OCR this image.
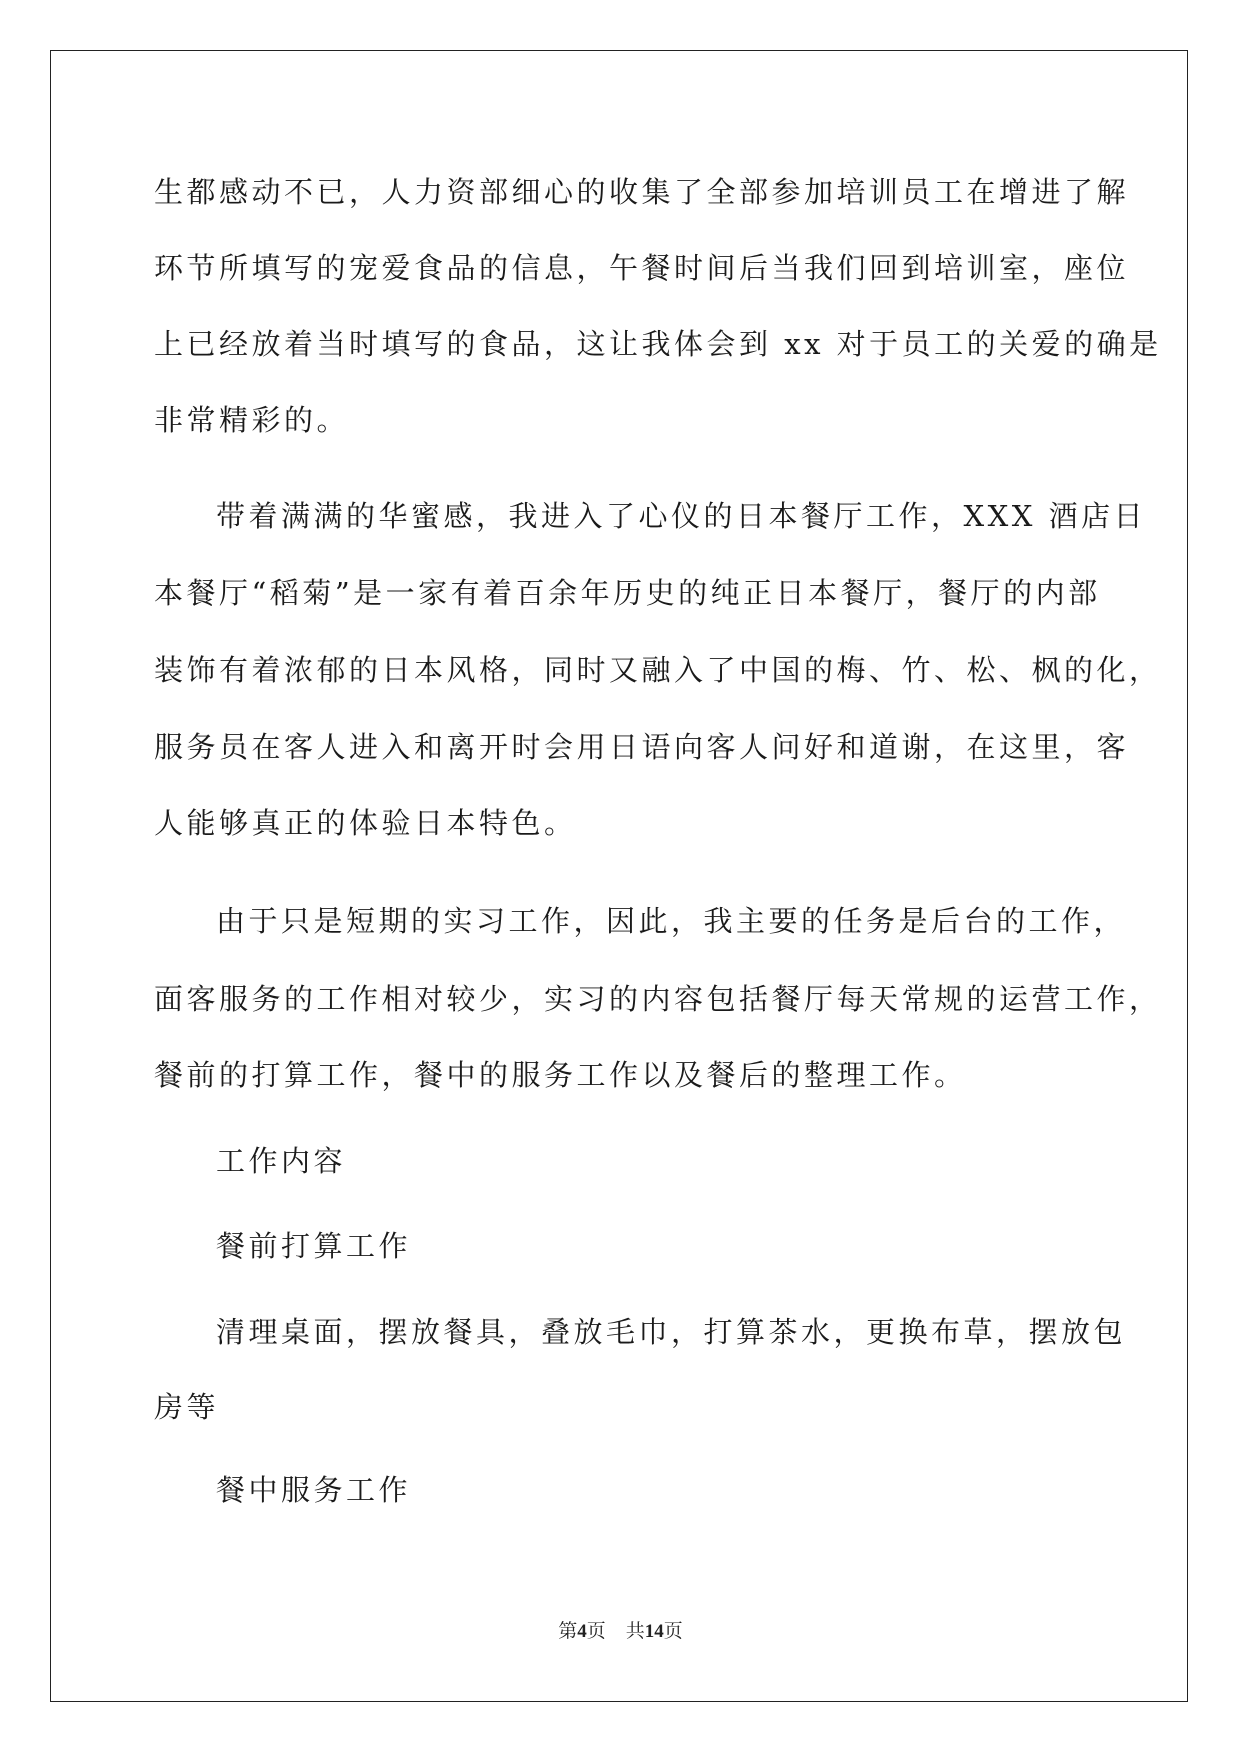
生都感动不已，人力资部细心的收集了全部参加培训员工在增进了解
环节所填写的宠爱食品的信息，午餐时间后当我们回到培训室，座位
上已经放着当时填写的食品，这让我体会到 xx 对于员工的关爱的确是
非常精彩的。
带着满满的华蜜感，我进入了心仪的日本餐厅工作，XXX 酒店日
本餐厅“稻菊”是一家有着百余年历史的纯正日本餐厅，餐厅的内部
装饰有着浓郁的日本风格，同时又融入了中国的梅、竹、松、枫的化，
服务员在客人进入和离开时会用日语向客人问好和道谢，在这里，客
人能够真正的体验日本特色。
由于只是短期的实习工作，因此，我主要的任务是后台的工作，
面客服务的工作相对较少，实习的内容包括餐厅每天常规的运营工作，
餐前的打算工作，餐中的服务工作以及餐后的整理工作。
工作内容
餐前打算工作
清理桌面，摆放餐具，叠放毛巾，打算茶水，更换布草，摆放包
房等
餐中服务工作
第4页 共14页
